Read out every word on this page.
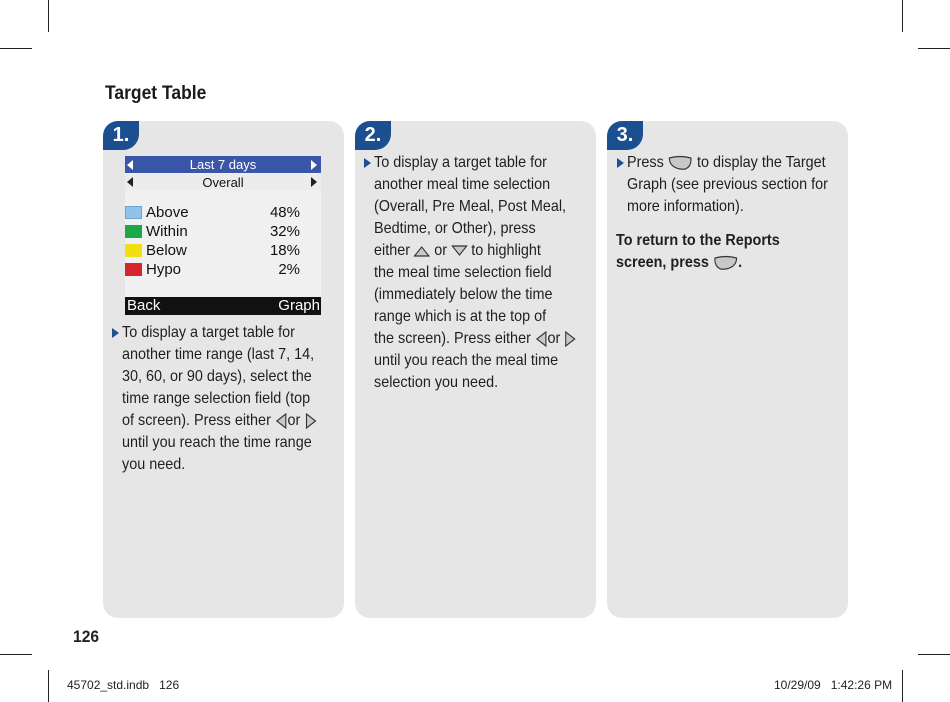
Target Table
1.
Last 7 days
Overall
Above	48%
Within	32%
Below	18%
Hypo	2%
Back	Graph
To display a target table for
another time range (last 7, 14,
30, 60, or 90 days), select the
time range selection field (top
of screen). Press either or
until you reach the time range
you need.
2.
To display a target table for
another meal time selection
(Overall, Pre Meal, Post Meal,
Bedtime, or Other), press
either or to highlight
the meal time selection field
(immediately below the time
range which is at the top of
the screen). Press either or
until you reach the meal time
selection you need.
3.
Press to display the Target
Graph (see previous section for
more information).
To return to the Reports
screen, press .
126
45702_std.indb 126	10/29/09 1:42:26 PM
